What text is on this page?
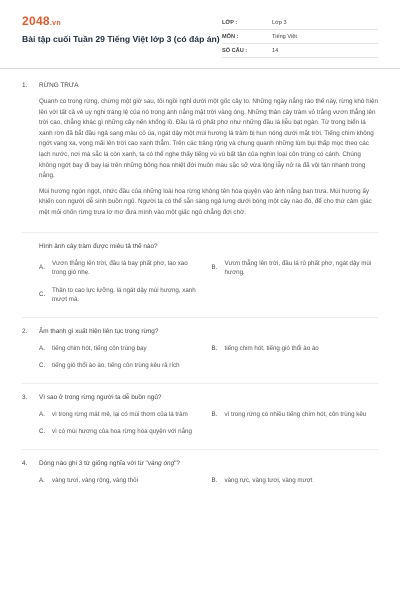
2048.vn
Bài tập cuối Tuần 29 Tiếng Việt lớp 3 (có đáp án)
LỚP :	Lớp 3
MÔN :	Tiếng Việt
SỐ CÂU :	14
1.	RỪNG TRƯA

Quanh co trong rừng, chừng một giờ sau, tôi ngồi nghỉ dưới một gốc cây to. Những ngày nắng ráo thế này, rừng khô hiện lên với tất cả vẻ uy nghi tráng lệ của nó trong ánh nắng mặt trời vàng óng. Những thân cây tràm vỏ trắng vươn thẳng lên trời cao, chẳng khác gì những cây nến khổng lồ. Đầu lá rủ phất phơ như những đầu lá liễu bạt ngàn. Từ trong biển lá xanh rờn đã bắt đầu ngả sang màu cỏ úa, ngát dậy một mùi hương lá tràm bị hun nóng dưới mặt trời. Tiếng chim không ngớt vang xa, vọng mãi lên trời cao xanh thẳm. Trên các trảng rộng và chung quanh những lùm bụi thấp mọc theo các lạch nước, nơi mà sắc lá còn xanh, ta có thể nghe thấy tiếng vù vù bất tận của nghìn loại côn trùng có cánh. Chúng không ngớt bay đi bay lại trên những bông hoa nhiệt đới muôn màu sặc sỡ vừa lộng lẫy nở ra đã vội tàn nhanh trong nắng.

Mùi hương ngòn ngọt, nhức đầu của những loài hoa rừng không tên hòa quyện vào ánh nắng ban trưa. Mùi hương ấy khiến con người dễ sinh buồn ngủ. Người ta có thể sẵn sàng ngả lưng dưới bóng một cây nào đó, để cho thứ cảm giác mệt mỏi chốn rừng trưa lơ mơ đưa mình vào một giấc ngủ chẳng đợi chờ.

Hình ảnh cây tràm được miêu tả thế nào?
A.
Vươn thẳng lên trời, đầu lá bay phất phơ, lao xao trong gió nhẹ.
B.
Vươn thẳng lên trời, đầu lá rủ phất phơ, ngát dậy mùi hương.
C.
Thân to cao lực lưỡng, lá ngát dậy mùi hương, xanh mượt mà.
2.	Âm thanh gì xuất hiện liên tục trong rừng?
A.	tiếng chim hót, tiếng côn trùng bay	B.	tiếng chim hót, tiếng gió thổi ào ào
C.	tiếng gió thổi ào ào, tiếng côn trùng kêu rả rích
3.	Vì sao ở trong rừng người ta dễ buồn ngủ?
A.	vì trong rừng mát mẻ, lại có mùi thơm của lá tràm	B.	vì trong rừng có nhiều tiếng chim hót, côn trùng kêu
C.	vì có mùi hương của hoa rừng hòa quyện với nắng
4.	Dòng nào ghi 3 từ giống nghĩa với từ "vàng óng"?
A.	vàng tươi, vàng rộng, vàng thỏi	B.	vàng rực, vàng tươi, vàng mượt
